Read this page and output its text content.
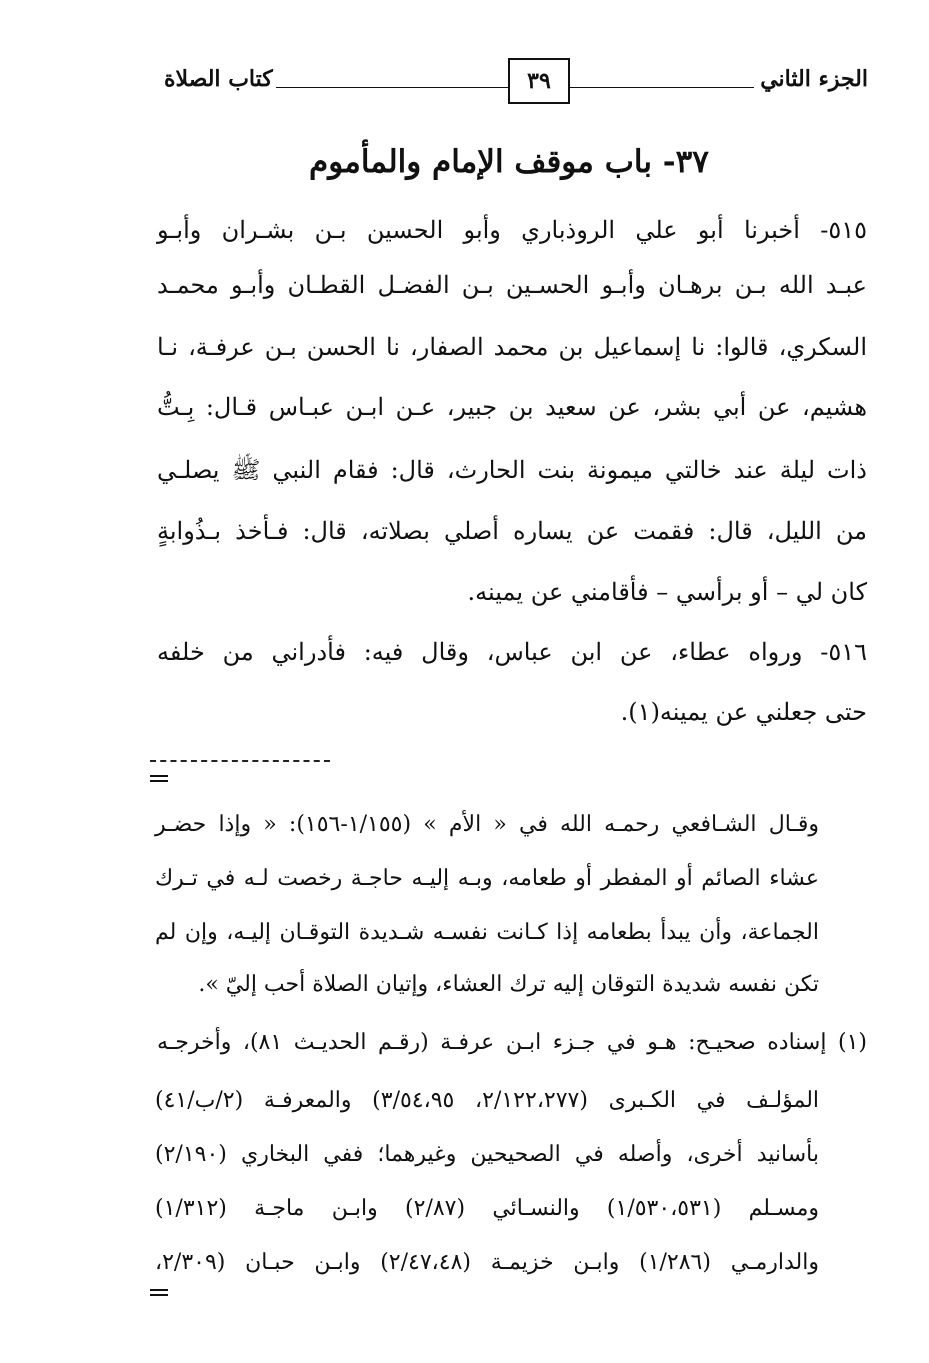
الجزء الثاني
٣٩
كتاب الصلاة
٣٧- باب موقف الإمام والمأموم
٥١٥- أخبرنا أبو علي الروذباري وأبو الحسين بـن بشـران وأبـو
عبـد الله بـن برهـان وأبـو الحسـين بـن الفضـل القطـان وأبـو محمـد
السكري، قالوا: نا إسماعيل بن محمد الصفار، نا الحسن بـن عرفـة، نـا
هشيم، عن أبي بشر، عن سعيد بن جبير، عـن ابـن عبـاس قـال: بِـتُّ
ذات ليلة عند خالتي ميمونة بنت الحارث، قال: فقام النبي ﷺ يصلـي
من الليل، قال: فقمت عن يساره أصلي بصلاته، قال: فـأخذ بـذُوابةٍ
كان لي – أو برأسي – فأقامني عن يمينه.
٥١٦- ورواه عطاء، عن ابن عباس، وقال فيه: فأدراني من خلفه
حتى جعلني عن يمينه(١).
وقـال الشـافعي رحمـه الله في « الأم » (١/١٥٥-١٥٦): « وإذا حضـر
عشاء الصائم أو المفطر أو طعامه، وبـه إليـه حاجـة رخصت لـه في تـرك
الجماعة، وأن يبدأ بطعامه إذا كـانت نفسـه شـديدة التوقـان إليـه، وإن لم
تكن نفسه شديدة التوقان إليه ترك العشاء، وإتيان الصلاة أحب إليّ ».
(١) إسناده صحيـح: هـو في جـزء ابـن عرفـة (رقـم الحديـث ٨١)، وأخرجـه
المؤلـف في الكـبرى (٢/١٢٢،٢٧٧، ٣/٥٤،٩٥) والمعرفـة (٢/ب/٤١)
بأسانيد أخرى، وأصله في الصحيحين وغيرهما؛ ففي البخاري (٢/١٩٠)
ومسـلم (١/٥٣٠،٥٣١) والنسـائي (٢/٨٧) وابـن ماجـة (١/٣١٢)
والدارمـي (١/٢٨٦) وابـن خزيمـة (٢/٤٧،٤٨) وابـن حبـان (٢/٣٠٩،
